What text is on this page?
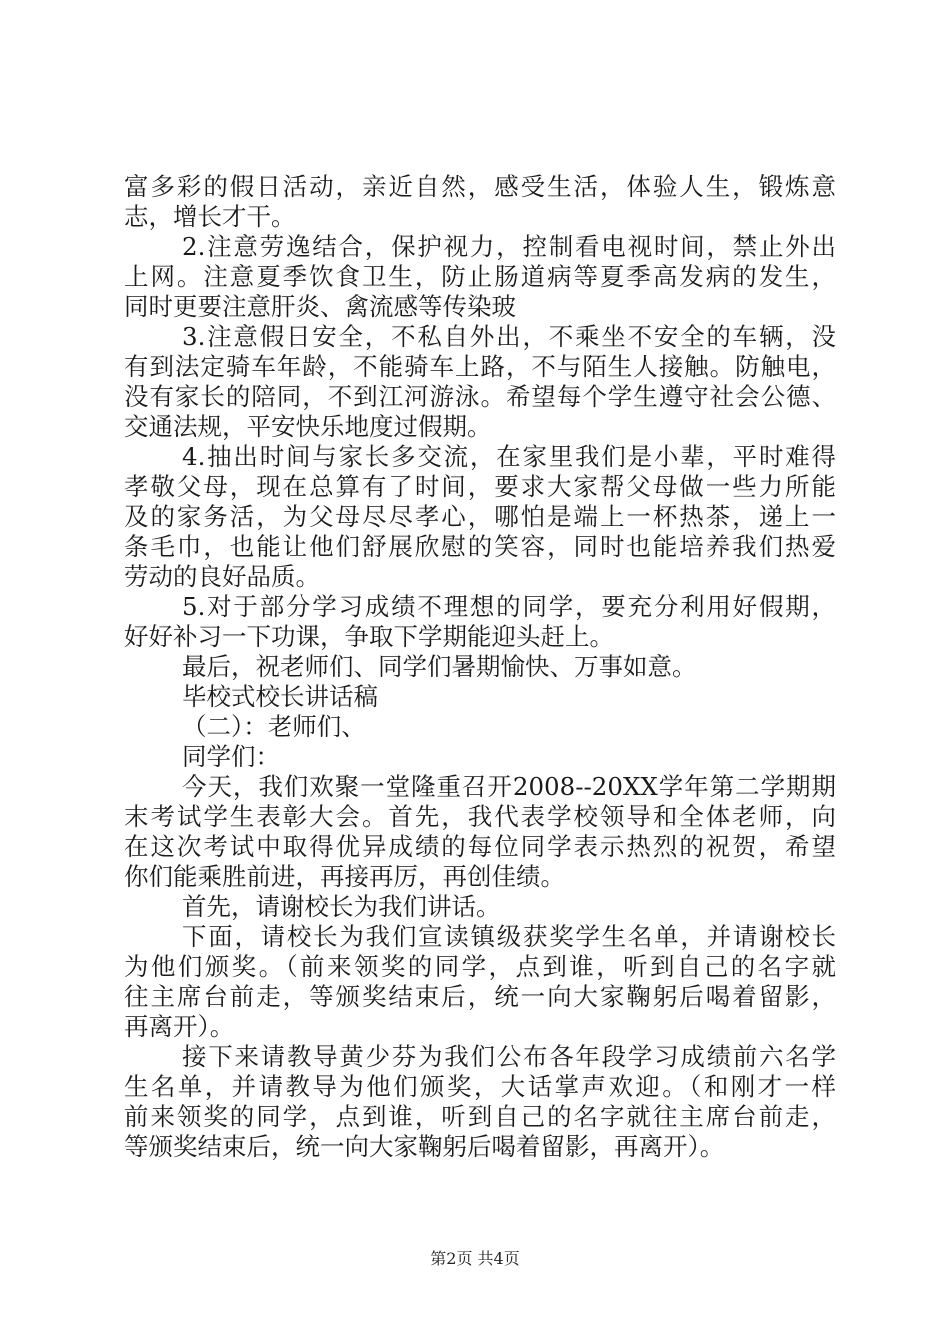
富多彩的假日活动，亲近自然，感受生活，体验人生，锻炼意
志，增长才干。
2.注意劳逸结合，保护视力，控制看电视时间，禁止外出
上网。注意夏季饮食卫生，防止肠道病等夏季高发病的发生，
同时更要注意肝炎、禽流感等传染玻
3.注意假日安全，不私自外出，不乘坐不安全的车辆，没
有到法定骑车年龄，不能骑车上路，不与陌生人接触。防触电，
没有家长的陪同，不到江河游泳。希望每个学生遵守社会公德、
交通法规，平安快乐地度过假期。
4.抽出时间与家长多交流，在家里我们是小辈，平时难得
孝敬父母，现在总算有了时间，要求大家帮父母做一些力所能
及的家务活，为父母尽尽孝心，哪怕是端上一杯热茶，递上一
条毛巾，也能让他们舒展欣慰的笑容，同时也能培养我们热爱
劳动的良好品质。
5.对于部分学习成绩不理想的同学，要充分利用好假期，
好好补习一下功课，争取下学期能迎头赶上。
最后，祝老师们、同学们暑期愉快、万事如意。
毕校式校长讲话稿
（二）：老师们、
同学们：
今天，我们欢聚一堂隆重召开2008--20XX学年第二学期期
末考试学生表彰大会。首先，我代表学校领导和全体老师，向
在这次考试中取得优异成绩的每位同学表示热烈的祝贺，希望
你们能乘胜前进，再接再厉，再创佳绩。
首先，请谢校长为我们讲话。
下面，请校长为我们宣读镇级获奖学生名单，并请谢校长
为他们颁奖。（前来领奖的同学，点到谁，听到自己的名字就
往主席台前走，等颁奖结束后，统一向大家鞠躬后喝着留影，
再离开）。
接下来请教导黄少芬为我们公布各年段学习成绩前六名学
生名单，并请教导为他们颁奖，大话掌声欢迎。（和刚才一样
前来领奖的同学，点到谁，听到自己的名字就往主席台前走，
等颁奖结束后，统一向大家鞠躬后喝着留影，再离开）。
第2页 共4页
